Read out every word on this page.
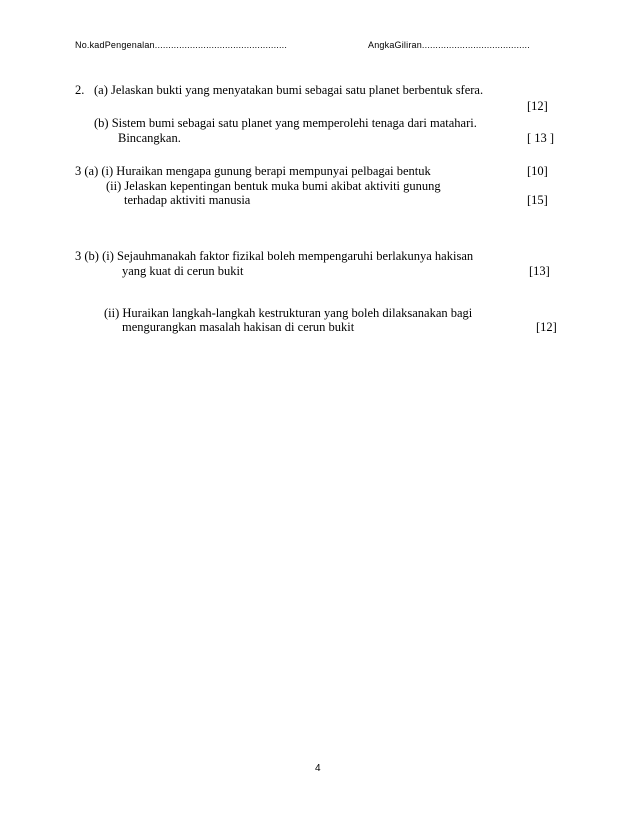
No.kadPengenalan.................................................	AngkaGiliran........................................
2. (a) Jelaskan bukti yang menyatakan bumi sebagai satu planet berbentuk sfera.
[12]
(b) Sistem bumi sebagai satu planet yang memperolehi tenaga dari matahari.
Bincangkan.	[ 13 ]
3 (a) (i) Huraikan mengapa gunung berapi mempunyai pelbagai bentuk	[10]
(ii) Jelaskan kepentingan bentuk muka bumi akibat aktiviti gunung
terhadap aktiviti manusia	[15]
3 (b) (i) Sejauhmanakah faktor fizikal boleh mempengaruhi berlakunya hakisan
yang kuat di cerun bukit	[13]
(ii) Huraikan langkah-langkah kestrukturan yang boleh dilaksanakan bagi
mengurangkan masalah hakisan di cerun bukit	[12]
4
